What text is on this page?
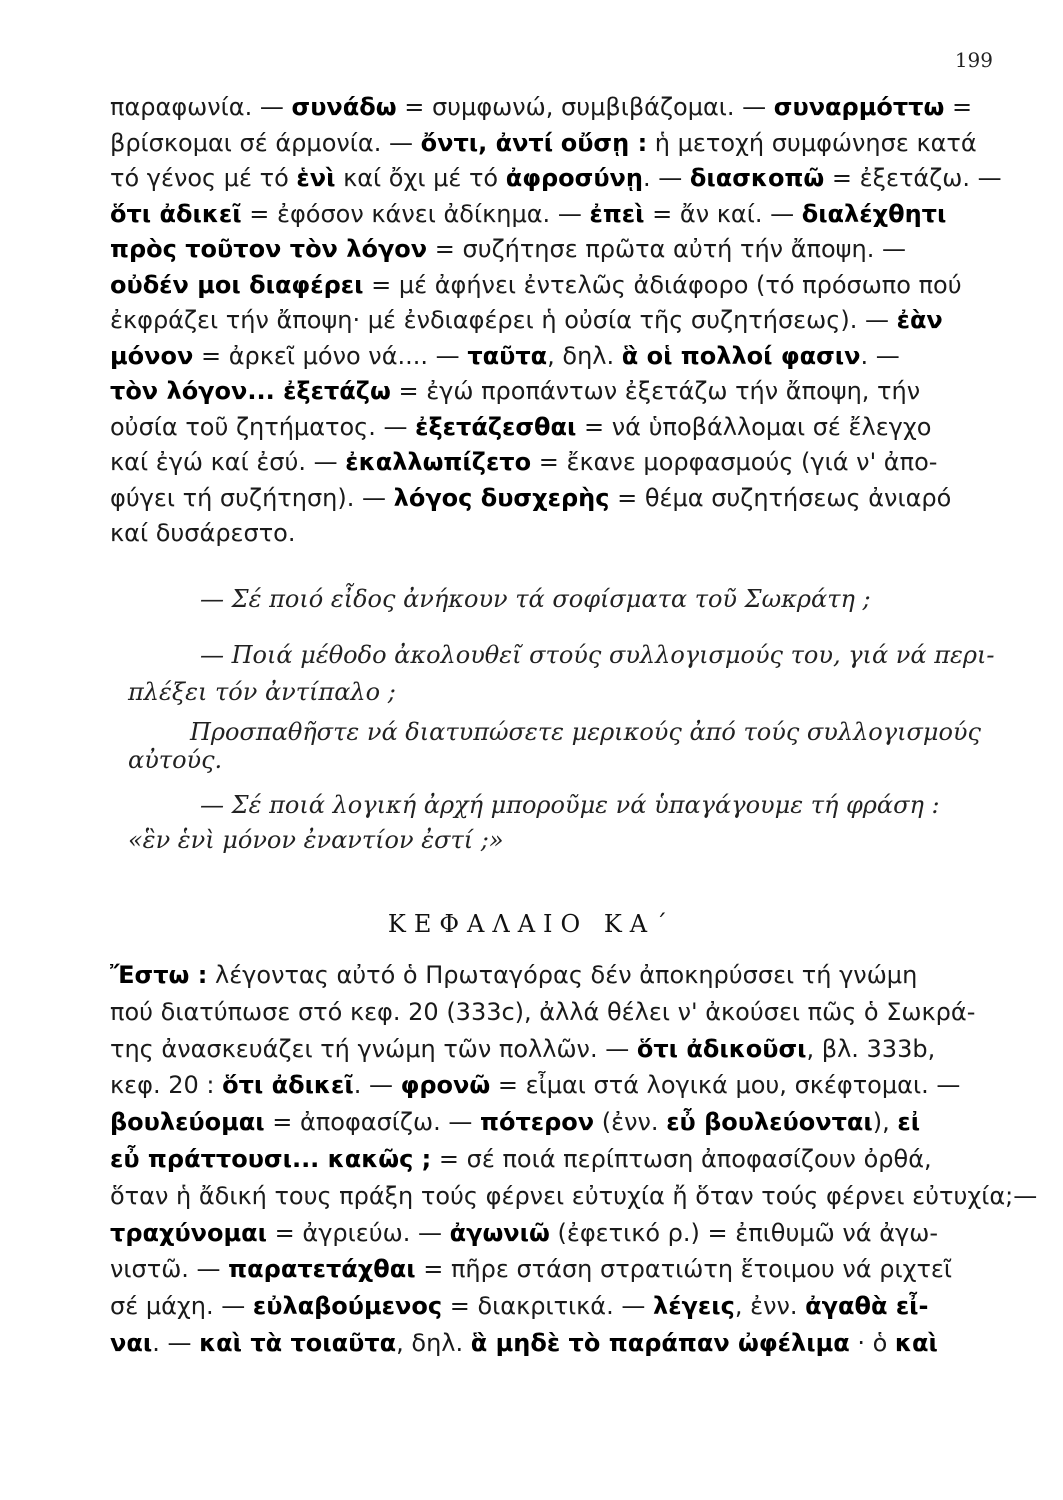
199
παραφωνία. — συνάδω = συμφωνώ, συμβιβάζομαι. — συναρμόττω =
βρίσκομαι σέ άρμονία. — ὄντι, ἀντί οὔσῃ : ἡ μετοχή συμφώνησε κατά
τό γένος μέ τό ἑνὶ καί ὄχι μέ τό ἀφροσύνῃ. — διασκοπῶ = ἐξετάζω. —
ὅτι ἀδικεῖ = ἐφόσον κάνει ἀδίκημα. — ἐπεὶ = ἄν καί. — διαλέχθητι
πρὸς τοῦτον τὸν λόγον = συζήτησε πρῶτα αὐτή τήν ἄποψη. —
οὐδέν μοι διαφέρει = μέ ἀφήνει ἐντελῶς ἀδιάφορο (τό πρόσωπο πού
ἐκφράζει τήν ἄποψη· μέ ἐνδιαφέρει ἡ οὐσία τῆς συζητήσεως). — ἐὰν
μόνον = ἀρκεῖ μόνο νά.... — ταῦτα, δηλ. ἃ οἱ πολλοί φασιν. —
τὸν λόγον... ἐξετάζω = ἐγώ προπάντων ἐξετάζω τήν ἄποψη, τήν
οὐσία τοῦ ζητήματος. — ἐξετάζεσθαι = νά ὑποβάλλομαι σέ ἔλεγχο
καί ἐγώ καί ἐσύ. — ἐκαλλωπίζετο = ἔκανε μορφασμούς (γιά ν' ἀπο-
φύγει τή συζήτηση). — λόγος δυσχερὴς = θέμα συζητήσεως ἀνιαρό
καί δυσάρεστο.
— Σέ ποιό εἶδος ἀνήκουν τά σοφίσματα τοῦ Σωκράτη ;
— Ποιά μέθοδο ἀκολουθεῖ στούς συλλογισμούς του, γιά νά περι-
πλέξει τόν ἀντίπαλο ;
Προσπαθῆστε νά διατυπώσετε μερικούς ἀπό τούς συλλογισμούς
αὐτούς.
— Σέ ποιά λογική ἀρχή μποροῦμε νά ὑπαγάγουμε τή φράση :
«ἓν ἑνὶ μόνον ἐναντίον ἐστί ;»
ΚΕΦΑΛΑΙΟ ΚΑ΄
Ἔστω : λέγοντας αὐτό ὁ Πρωταγόρας δέν ἀποκηρύσσει τή γνώμη
πού διατύπωσε στό κεφ. 20 (333c), ἀλλά θέλει ν' ἀκούσει πῶς ὁ Σωκρά-
της ἀνασκευάζει τή γνώμη τῶν πολλῶν. — ὅτι ἀδικοῦσι, βλ. 333b,
κεφ. 20 : ὅτι ἀδικεῖ. — φρονῶ = εἶμαι στά λογικά μου, σκέφτομαι. —
βουλεύομαι = ἀποφασίζω. — πότερον (ἐνν. εὖ βουλεύονται), εἰ
εὖ πράττουσι... κακῶς ; = σέ ποιά περίπτωση ἀποφασίζουν ὀρθά,
ὅταν ἡ ἄδική τους πράξη τούς φέρνει εὐτυχία ἤ ὅταν τούς φέρνει εὐτυχία;—
τραχύνομαι = ἀγριεύω. — ἀγωνιῶ (ἐφετικό ρ.) = ἐπιθυμῶ νά ἀγω-
νιστῶ. — παρατετάχθαι = πῆρε στάση στρατιώτη ἕτοιμου νά ριχτεῖ
σέ μάχη. — εὐλαβούμενος = διακριτικά. — λέγεις, ἐνν. ἀγαθὰ εἶ-
ναι. — καὶ τὰ τοιαῦτα, δηλ. ἃ μηδὲ τὸ παράπαν ὠφέλιμα · ὁ καὶ
